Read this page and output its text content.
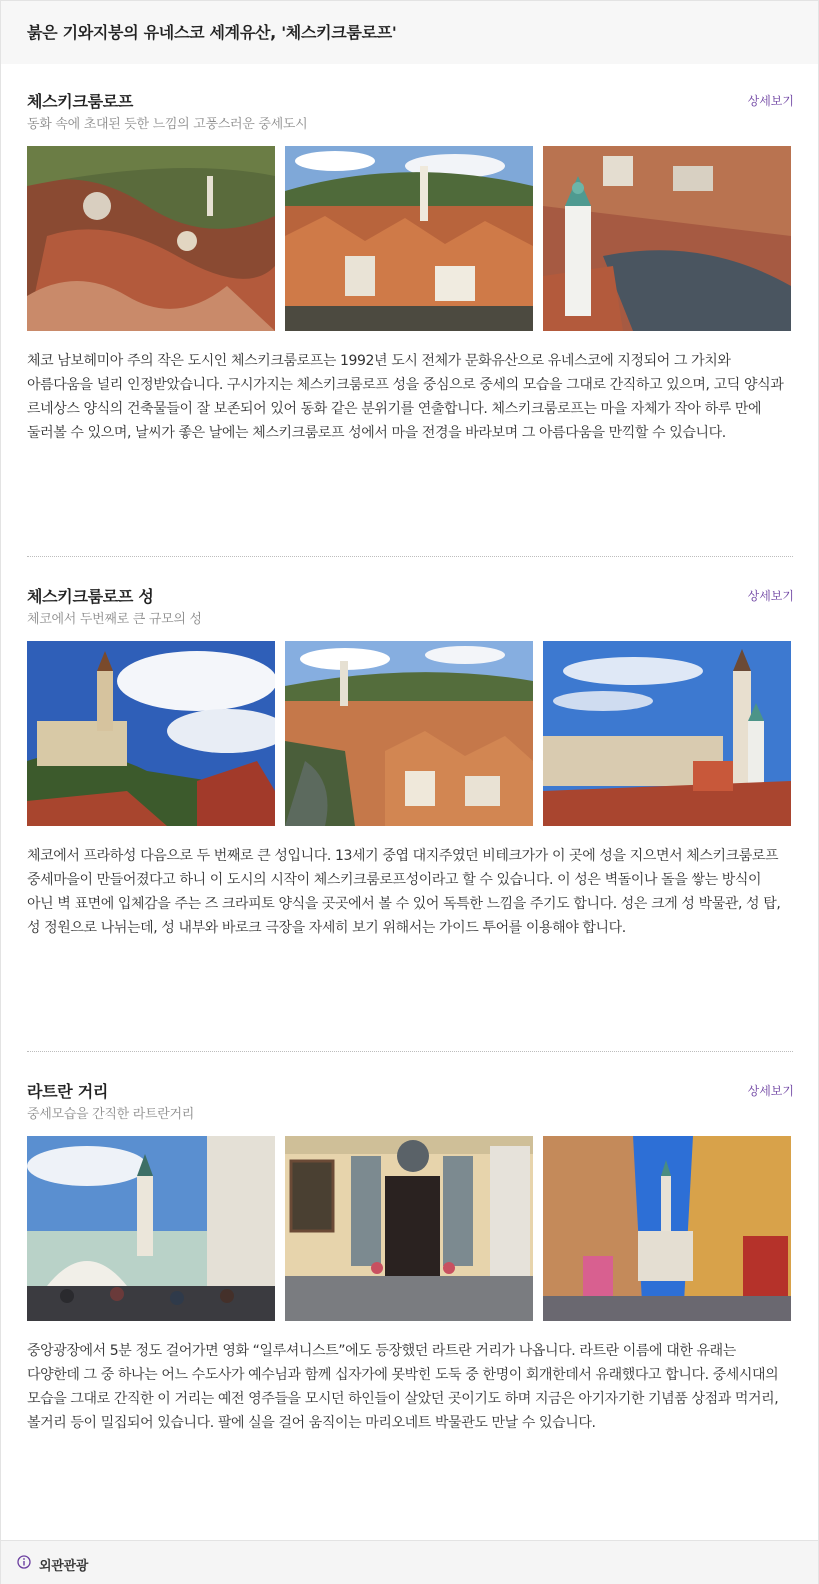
붉은 기와지붕의 유네스코 세계유산, '체스키크룸로프'
체스키크룸로프
동화 속에 초대된 듯한 느낌의 고풍스러운 중세도시
상세보기
체코 남보헤미아 주의 작은 도시인 체스키크룸로프는 1992년 도시 전체가 문화유산으로 유네스코에 지정되어 그 가치와 아름다움을 널리 인정받았습니다. 구시가지는 체스키크룸로프 성을 중심으로 중세의 모습을 그대로 간직하고 있으며, 고딕 양식과 르네상스 양식의 건축물들이 잘 보존되어 있어 동화 같은 분위기를 연출합니다. 체스키크룸로프는 마을 자체가 작아 하루 만에 둘러볼 수 있으며, 날씨가 좋은 날에는 체스키크룸로프 성에서 마을 전경을 바라보며 그 아름다움을 만끽할 수 있습니다.
체스키크룸로프 성
체코에서 두번째로 큰 규모의 성
상세보기
체코에서 프라하성 다음으로 두 번째로 큰 성입니다. 13세기 중엽 대지주였던 비테크가가 이 곳에 성을 지으면서 체스키크룸로프 중세마을이 만들어졌다고 하니 이 도시의 시작이 체스키크룸로프성이라고 할 수 있습니다. 이 성은 벽돌이나 돌을 쌓는 방식이 아닌 벽 표면에 입체감을 주는 즈 크라피토 양식을 곳곳에서 볼 수 있어 독특한 느낌을 주기도 합니다. 성은 크게 성 박물관, 성 탑, 성 정원으로 나뉘는데, 성 내부와 바로크 극장을 자세히 보기 위해서는 가이드 투어를 이용해야 합니다.
라트란 거리
중세모습을 간직한 라트란거리
상세보기
중앙광장에서 5분 정도 걸어가면 영화 “일루셔니스트”에도 등장했던 라트란 거리가 나옵니다. 라트란 이름에 대한 유래는 다양한데 그 중 하나는 어느 수도사가 예수님과 함께 십자가에 못박힌 도둑 중 한명이 회개한데서 유래했다고 합니다. 중세시대의 모습을 그대로 간직한 이 거리는 예전 영주들을 모시던 하인들이 살았던 곳이기도 하며 지금은 아기자기한 기념품 상점과 먹거리,볼거리 등이 밀집되어 있습니다. 팔에 실을 걸어 움직이는 마리오네트 박물관도 만날 수 있습니다.
외관관광
